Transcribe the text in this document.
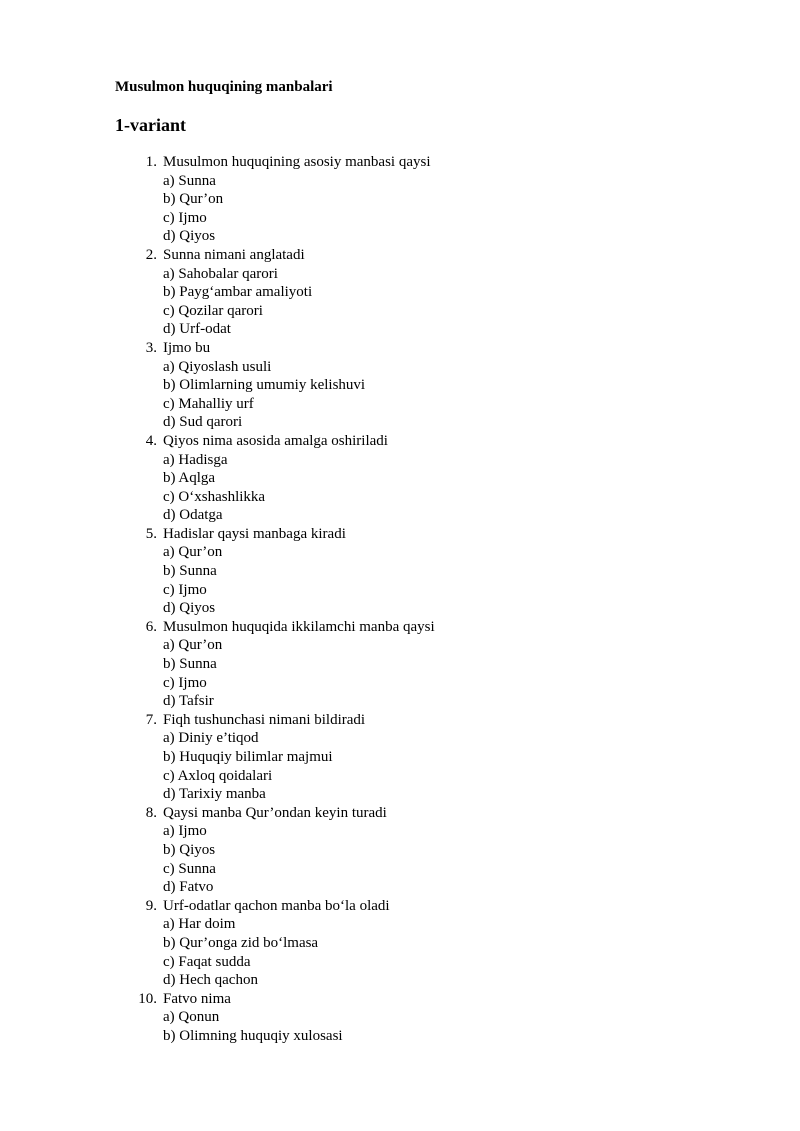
Musulmon huquqining manbalari
1-variant
1. Musulmon huquqining asosiy manbasi qaysi
a) Sunna
b) Qur’on
c) Ijmo
d) Qiyos
2. Sunna nimani anglatadi
a) Sahobalar qarori
b) Payg‘ambar amaliyoti
c) Qozilar qarori
d) Urf-odat
3. Ijmo bu
a) Qiyoslash usuli
b) Olimlarning umumiy kelishuvi
c) Mahalliy urf
d) Sud qarori
4. Qiyos nima asosida amalga oshiriladi
a) Hadisga
b) Aqlga
c) O‘xshashlikka
d) Odatga
5. Hadislar qaysi manbaga kiradi
a) Qur’on
b) Sunna
c) Ijmo
d) Qiyos
6. Musulmon huquqida ikkilamchi manba qaysi
a) Qur’on
b) Sunna
c) Ijmo
d) Tafsir
7. Fiqh tushunchasi nimani bildiradi
a) Diniy e’tiqod
b) Huquqiy bilimlar majmui
c) Axloq qoidalari
d) Tarixiy manba
8. Qaysi manba Qur’ondan keyin turadi
a) Ijmo
b) Qiyos
c) Sunna
d) Fatvo
9. Urf-odatlar qachon manba bo‘la oladi
a) Har doim
b) Qur’onga zid bo‘lmasa
c) Faqat sudda
d) Hech qachon
10. Fatvo nima
a) Qonun
b) Olimning huquqiy xulosasi
